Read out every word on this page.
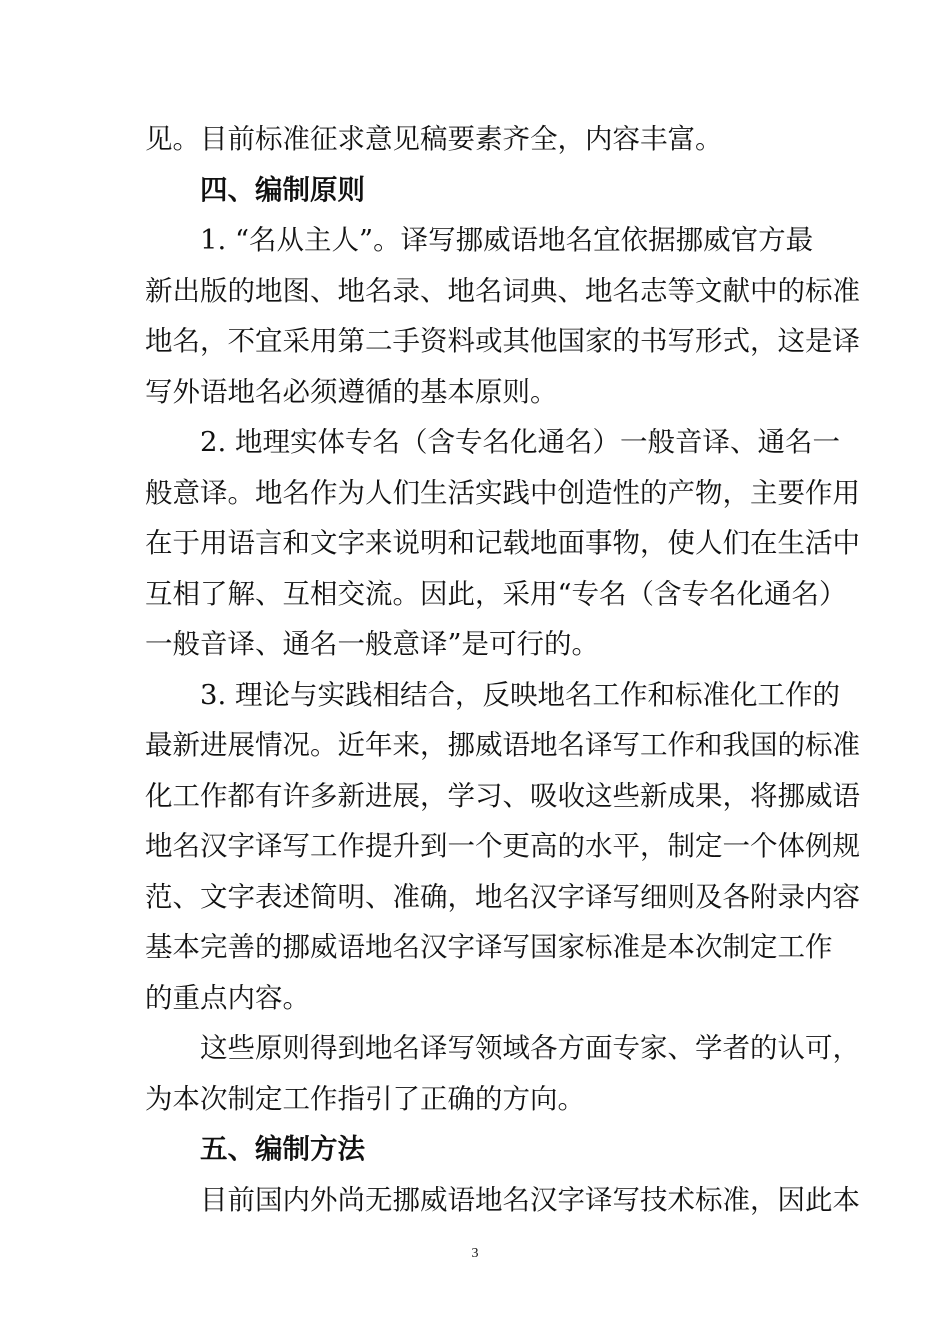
见。目前标准征求意见稿要素齐全，内容丰富。
四、编制原则
1. “名从主人”。译写挪威语地名宜依据挪威官方最
新出版的地图、地名录、地名词典、地名志等文献中的标准
地名，不宜采用第二手资料或其他国家的书写形式，这是译
写外语地名必须遵循的基本原则。
2. 地理实体专名（含专名化通名）一般音译、通名一
般意译。地名作为人们生活实践中创造性的产物，主要作用
在于用语言和文字来说明和记载地面事物，使人们在生活中
互相了解、互相交流。因此，采用“专名（含专名化通名）
一般音译、通名一般意译”是可行的。
3. 理论与实践相结合，反映地名工作和标准化工作的
最新进展情况。近年来，挪威语地名译写工作和我国的标准
化工作都有许多新进展，学习、吸收这些新成果，将挪威语
地名汉字译写工作提升到一个更高的水平，制定一个体例规
范、文字表述简明、准确，地名汉字译写细则及各附录内容
基本完善的挪威语地名汉字译写国家标准是本次制定工作
的重点内容。
这些原则得到地名译写领域各方面专家、学者的认可，
为本次制定工作指引了正确的方向。
五、编制方法
目前国内外尚无挪威语地名汉字译写技术标准，因此本
3
